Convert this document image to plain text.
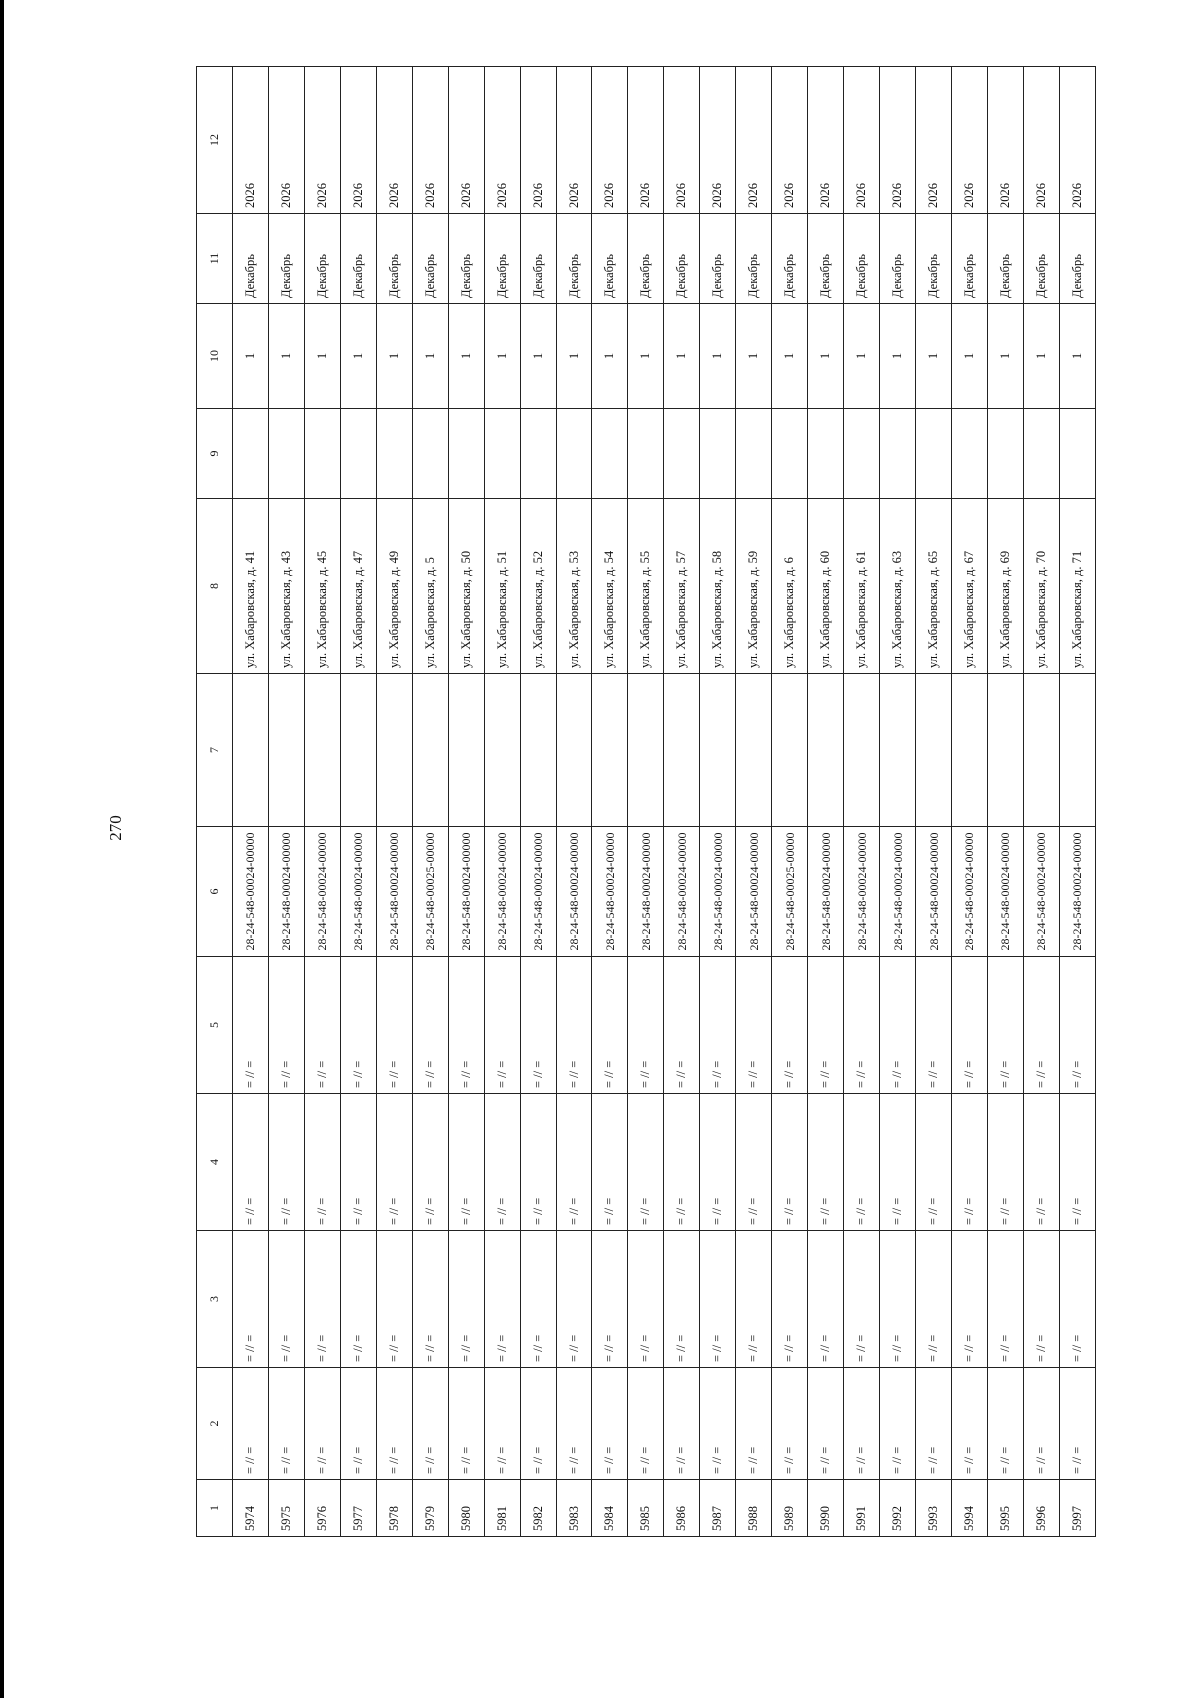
270
1	2	3	4	5	6	7	8	9	10	11	12
5974	= // =	= // =	= // =	= // =	28-24-548-00024-00000		ул. Хабаровская, д. 41		1	Декабрь	2026
5975	= // =	= // =	= // =	= // =	28-24-548-00024-00000		ул. Хабаровская, д. 43		1	Декабрь	2026
5976	= // =	= // =	= // =	= // =	28-24-548-00024-00000		ул. Хабаровская, д. 45		1	Декабрь	2026
5977	= // =	= // =	= // =	= // =	28-24-548-00024-00000		ул. Хабаровская, д. 47		1	Декабрь	2026
5978	= // =	= // =	= // =	= // =	28-24-548-00024-00000		ул. Хабаровская, д. 49		1	Декабрь	2026
5979	= // =	= // =	= // =	= // =	28-24-548-00025-00000		ул. Хабаровская, д. 5		1	Декабрь	2026
5980	= // =	= // =	= // =	= // =	28-24-548-00024-00000		ул. Хабаровская, д. 50		1	Декабрь	2026
5981	= // =	= // =	= // =	= // =	28-24-548-00024-00000		ул. Хабаровская, д. 51		1	Декабрь	2026
5982	= // =	= // =	= // =	= // =	28-24-548-00024-00000		ул. Хабаровская, д. 52		1	Декабрь	2026
5983	= // =	= // =	= // =	= // =	28-24-548-00024-00000		ул. Хабаровская, д. 53		1	Декабрь	2026
5984	= // =	= // =	= // =	= // =	28-24-548-00024-00000		ул. Хабаровская, д. 54		1	Декабрь	2026
5985	= // =	= // =	= // =	= // =	28-24-548-00024-00000		ул. Хабаровская, д. 55		1	Декабрь	2026
5986	= // =	= // =	= // =	= // =	28-24-548-00024-00000		ул. Хабаровская, д. 57		1	Декабрь	2026
5987	= // =	= // =	= // =	= // =	28-24-548-00024-00000		ул. Хабаровская, д. 58		1	Декабрь	2026
5988	= // =	= // =	= // =	= // =	28-24-548-00024-00000		ул. Хабаровская, д. 59		1	Декабрь	2026
5989	= // =	= // =	= // =	= // =	28-24-548-00025-00000		ул. Хабаровская, д. 6		1	Декабрь	2026
5990	= // =	= // =	= // =	= // =	28-24-548-00024-00000		ул. Хабаровская, д. 60		1	Декабрь	2026
5991	= // =	= // =	= // =	= // =	28-24-548-00024-00000		ул. Хабаровская, д. 61		1	Декабрь	2026
5992	= // =	= // =	= // =	= // =	28-24-548-00024-00000		ул. Хабаровская, д. 63		1	Декабрь	2026
5993	= // =	= // =	= // =	= // =	28-24-548-00024-00000		ул. Хабаровская, д. 65		1	Декабрь	2026
5994	= // =	= // =	= // =	= // =	28-24-548-00024-00000		ул. Хабаровская, д. 67		1	Декабрь	2026
5995	= // =	= // =	= // =	= // =	28-24-548-00024-00000		ул. Хабаровская, д. 69		1	Декабрь	2026
5996	= // =	= // =	= // =	= // =	28-24-548-00024-00000		ул. Хабаровская, д. 70		1	Декабрь	2026
5997	= // =	= // =	= // =	= // =	28-24-548-00024-00000		ул. Хабаровская, д. 71		1	Декабрь	2026
